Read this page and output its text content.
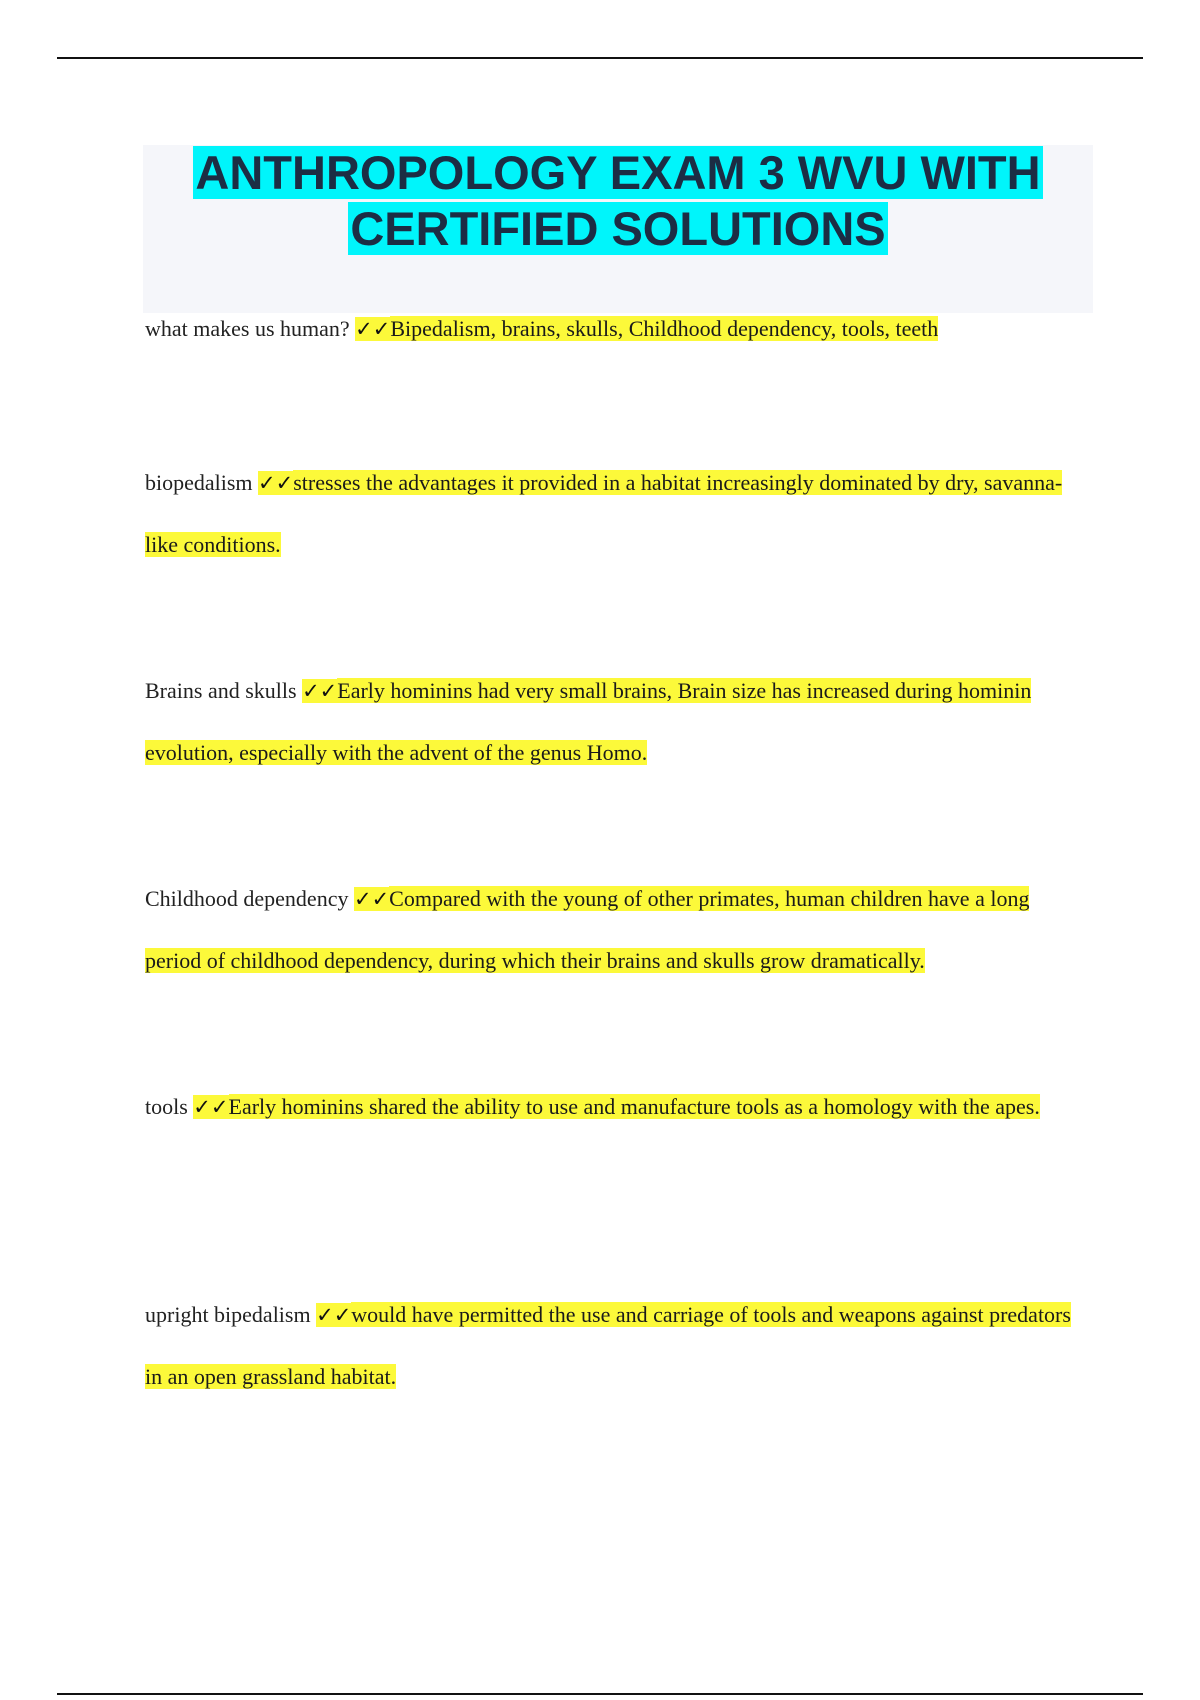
ANTHROPOLOGY EXAM 3 WVU WITH
CERTIFIED SOLUTIONS

what makes us human? ✓✓Bipedalism, brains, skulls, Childhood dependency, tools, teeth

biopedalism ✓✓stresses the advantages it provided in a habitat increasingly dominated by dry, savanna-like conditions.

Brains and skulls ✓✓Early hominins had very small brains, Brain size has increased during hominin evolution, especially with the advent of the genus Homo.

Childhood dependency ✓✓Compared with the young of other primates, human children have a long period of childhood dependency, during which their brains and skulls grow dramatically.

tools ✓✓Early hominins shared the ability to use and manufacture tools as a homology with the apes.

upright bipedalism ✓✓would have permitted the use and carriage of tools and weapons against predators in an open grassland habitat.
